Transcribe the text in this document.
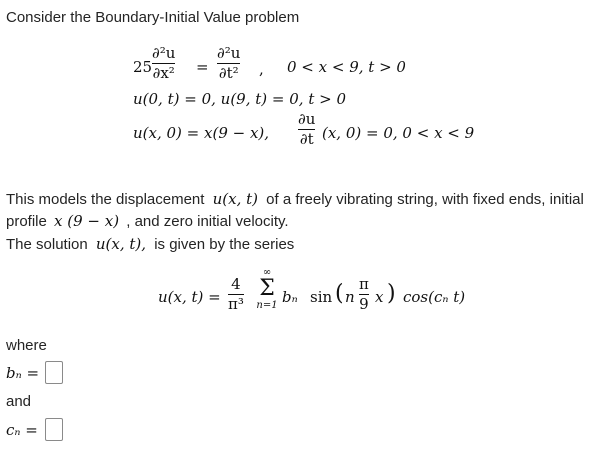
Consider the Boundary-Initial Value problem
25
∂²u
∂x² =
∂²u
∂t² , 0 < x < 9, t > 0
u(0, t) = 0, u(9, t) = 0, t > 0
u(x, 0) = x(9 − x),
∂u
∂t (x, 0) = 0, 0 < x < 9
This models the displacement u(x, t) of a freely vibrating string, with fixed ends, initial
profile x (9 − x) , and zero initial velocity.
The solution u(x, t), is given by the series
u(x, t) =
4
π³
∞
Σ
n=1 bₙ sin ( n
π
9 x ) cos(cₙ t)
where
bₙ =
and
cₙ =
